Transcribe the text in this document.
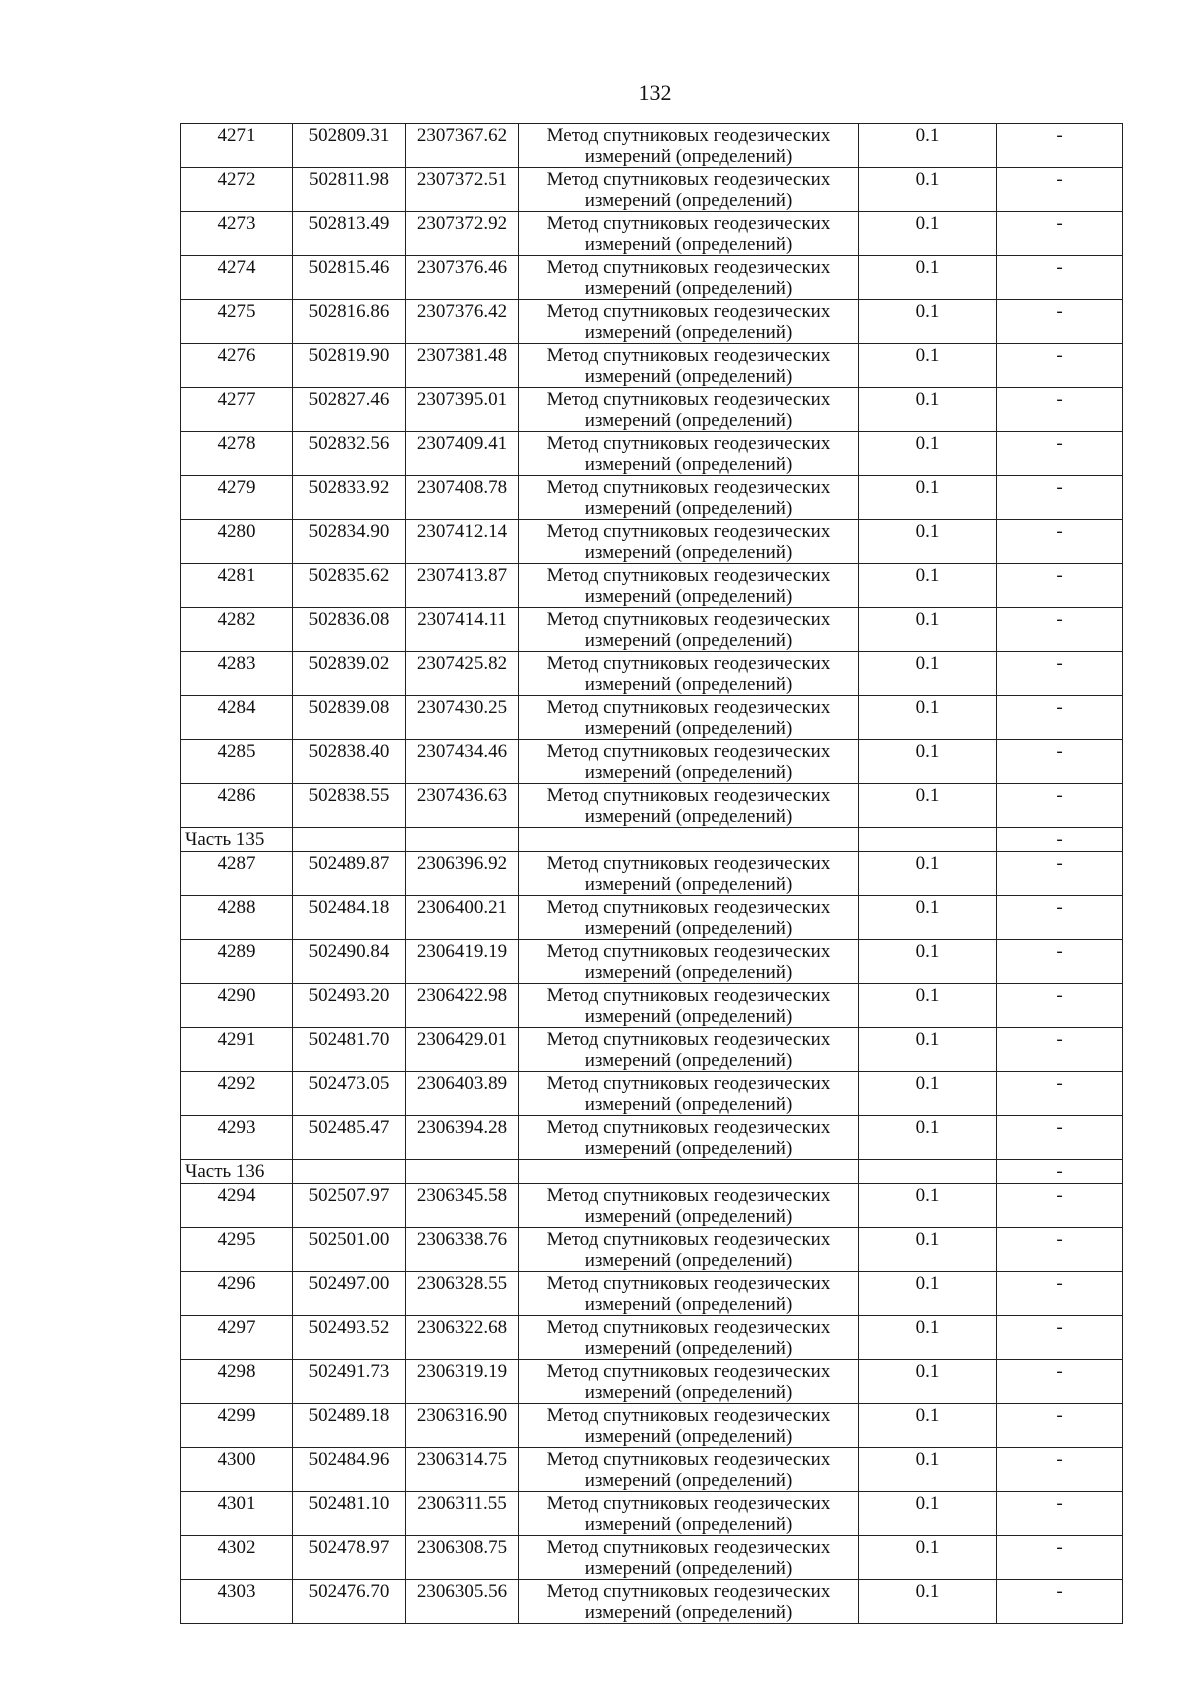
132
4271	502809.31	2307367.62	Метод спутниковых геодезических
измерений (определений)	0.1	-
4272	502811.98	2307372.51	Метод спутниковых геодезических
измерений (определений)	0.1	-
4273	502813.49	2307372.92	Метод спутниковых геодезических
измерений (определений)	0.1	-
4274	502815.46	2307376.46	Метод спутниковых геодезических
измерений (определений)	0.1	-
4275	502816.86	2307376.42	Метод спутниковых геодезических
измерений (определений)	0.1	-
4276	502819.90	2307381.48	Метод спутниковых геодезических
измерений (определений)	0.1	-
4277	502827.46	2307395.01	Метод спутниковых геодезических
измерений (определений)	0.1	-
4278	502832.56	2307409.41	Метод спутниковых геодезических
измерений (определений)	0.1	-
4279	502833.92	2307408.78	Метод спутниковых геодезических
измерений (определений)	0.1	-
4280	502834.90	2307412.14	Метод спутниковых геодезических
измерений (определений)	0.1	-
4281	502835.62	2307413.87	Метод спутниковых геодезических
измерений (определений)	0.1	-
4282	502836.08	2307414.11	Метод спутниковых геодезических
измерений (определений)	0.1	-
4283	502839.02	2307425.82	Метод спутниковых геодезических
измерений (определений)	0.1	-
4284	502839.08	2307430.25	Метод спутниковых геодезических
измерений (определений)	0.1	-
4285	502838.40	2307434.46	Метод спутниковых геодезических
измерений (определений)	0.1	-
4286	502838.55	2307436.63	Метод спутниковых геодезических
измерений (определений)	0.1	-
Часть 135					-
4287	502489.87	2306396.92	Метод спутниковых геодезических
измерений (определений)	0.1	-
4288	502484.18	2306400.21	Метод спутниковых геодезических
измерений (определений)	0.1	-
4289	502490.84	2306419.19	Метод спутниковых геодезических
измерений (определений)	0.1	-
4290	502493.20	2306422.98	Метод спутниковых геодезических
измерений (определений)	0.1	-
4291	502481.70	2306429.01	Метод спутниковых геодезических
измерений (определений)	0.1	-
4292	502473.05	2306403.89	Метод спутниковых геодезических
измерений (определений)	0.1	-
4293	502485.47	2306394.28	Метод спутниковых геодезических
измерений (определений)	0.1	-
Часть 136					-
4294	502507.97	2306345.58	Метод спутниковых геодезических
измерений (определений)	0.1	-
4295	502501.00	2306338.76	Метод спутниковых геодезических
измерений (определений)	0.1	-
4296	502497.00	2306328.55	Метод спутниковых геодезических
измерений (определений)	0.1	-
4297	502493.52	2306322.68	Метод спутниковых геодезических
измерений (определений)	0.1	-
4298	502491.73	2306319.19	Метод спутниковых геодезических
измерений (определений)	0.1	-
4299	502489.18	2306316.90	Метод спутниковых геодезических
измерений (определений)	0.1	-
4300	502484.96	2306314.75	Метод спутниковых геодезических
измерений (определений)	0.1	-
4301	502481.10	2306311.55	Метод спутниковых геодезических
измерений (определений)	0.1	-
4302	502478.97	2306308.75	Метод спутниковых геодезических
измерений (определений)	0.1	-
4303	502476.70	2306305.56	Метод спутниковых геодезических
измерений (определений)	0.1	-
